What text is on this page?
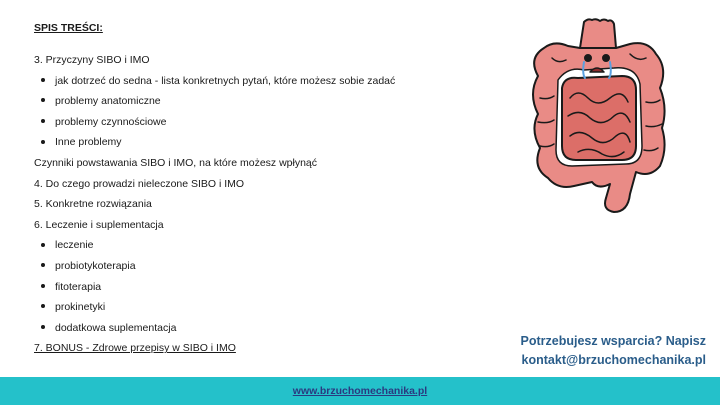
SPIS TREŚCI:
3. Przyczyny SIBO i IMO
jak dotrzeć do sedna - lista konkretnych pytań, które możesz sobie zadać
problemy anatomiczne
problemy czynnościowe
Inne problemy
Czynniki powstawania SIBO i IMO, na które możesz wpłynąć
4. Do czego prowadzi nieleczone SIBO i IMO
5. Konkretne rozwiązania
6. Leczenie i suplementacja
leczenie
probiotykoterapia
fitoterapia
prokinetyki
dodatkowa suplementacja
7. BONUS - Zdrowe przepisy w SIBO i IMO
Potrzebujesz wsparcia? Napisz
kontakt@brzuchomechanika.pl
www.brzuchomechanika.pl
